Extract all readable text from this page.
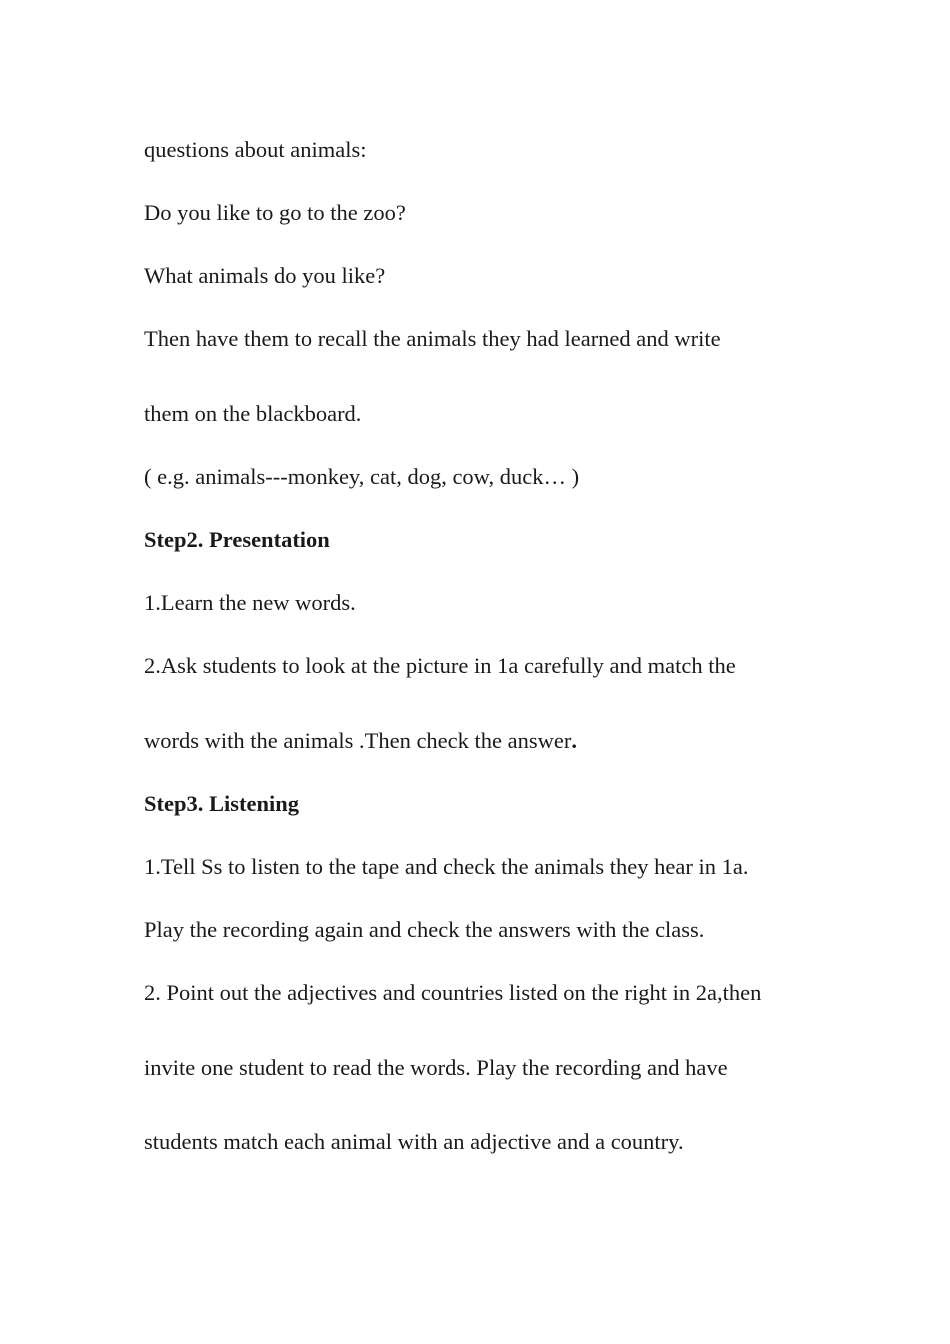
questions about animals:
Do you like to go to the zoo?
What animals do you like?
Then have them to recall the animals they had learned and write
them on the blackboard.
( e.g. animals---monkey, cat, dog, cow, duck… )
Step2. Presentation
1.Learn the new words.
2.Ask students to look at the picture in 1a carefully and match the
words with the animals .Then check the answer.
Step3. Listening
1.Tell Ss to listen to the tape and check the animals they hear in 1a.
Play the recording again and check the answers with the class.
2. Point out the adjectives and countries listed on the right in 2a,then
invite one student to read the words. Play the recording and have
students match each animal with an adjective and a country.
